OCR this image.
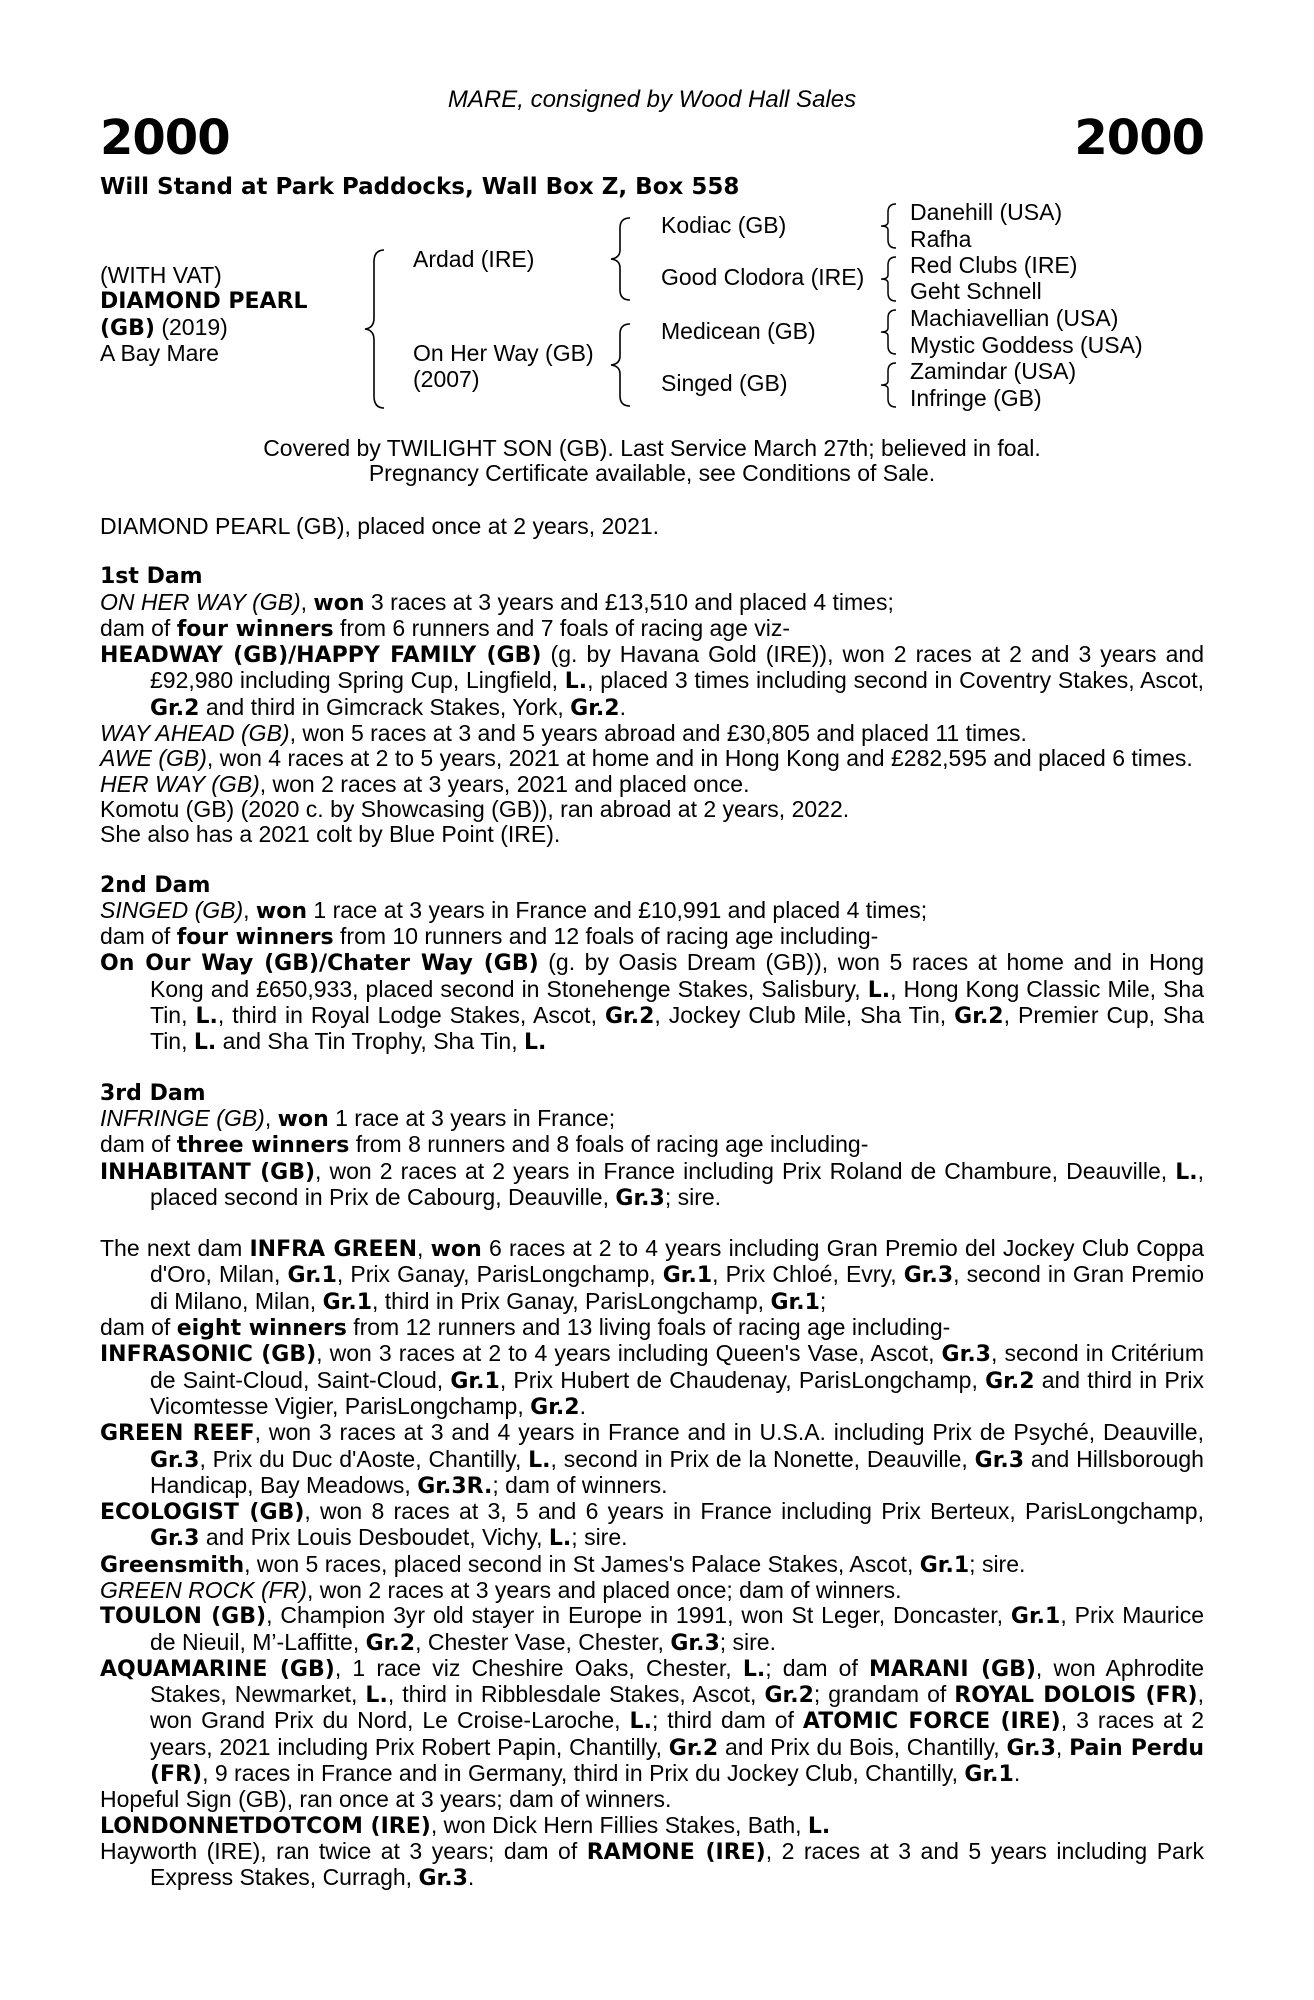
MARE, consigned by Wood Hall Sales
2000	2000
Will Stand at Park Paddocks, Wall Box Z, Box 558
(WITH VAT)
DIAMOND PEARL
(GB) (2019)
A Bay Mare
Ardad (IRE)
On Her Way (GB)
(2007)
Kodiac (GB)
Good Clodora (IRE)
Medicean (GB)
Singed (GB)
Danehill (USA)
Rafha
Red Clubs (IRE)
Geht Schnell
Machiavellian (USA)
Mystic Goddess (USA)
Zamindar (USA)
Infringe (GB)
Covered by TWILIGHT SON (GB). Last Service March 27th; believed in foal.
Pregnancy Certificate available, see Conditions of Sale.

DIAMOND PEARL (GB), placed once at 2 years, 2021.

1st Dam

ON HER WAY (GB), won 3 races at 3 years and £13,510 and placed 4 times;

dam of four winners from 6 runners and 7 foals of racing age viz-

HEADWAY (GB)/HAPPY FAMILY (GB) (g. by Havana Gold (IRE)), won 2 races at 2 and 3 years and £92,980 including Spring Cup, Lingfield, L., placed 3 times including second in Coventry Stakes, Ascot, Gr.2 and third in Gimcrack Stakes, York, Gr.2.

WAY AHEAD (GB), won 5 races at 3 and 5 years abroad and £30,805 and placed 11 times.

AWE (GB), won 4 races at 2 to 5 years, 2021 at home and in Hong Kong and £282,595 and placed 6 times.

HER WAY (GB), won 2 races at 3 years, 2021 and placed once.

Komotu (GB) (2020 c. by Showcasing (GB)), ran abroad at 2 years, 2022.

She also has a 2021 colt by Blue Point (IRE).

2nd Dam

SINGED (GB), won 1 race at 3 years in France and £10,991 and placed 4 times;

dam of four winners from 10 runners and 12 foals of racing age including-

On Our Way (GB)/Chater Way (GB) (g. by Oasis Dream (GB)), won 5 races at home and in Hong Kong and £650,933, placed second in Stonehenge Stakes, Salisbury, L., Hong Kong Classic Mile, Sha Tin, L., third in Royal Lodge Stakes, Ascot, Gr.2, Jockey Club Mile, Sha Tin, Gr.2, Premier Cup, Sha Tin, L. and Sha Tin Trophy, Sha Tin, L.

3rd Dam

INFRINGE (GB), won 1 race at 3 years in France;

dam of three winners from 8 runners and 8 foals of racing age including-

INHABITANT (GB), won 2 races at 2 years in France including Prix Roland de Chambure, Deauville, L., placed second in Prix de Cabourg, Deauville, Gr.3; sire.

The next dam INFRA GREEN, won 6 races at 2 to 4 years including Gran Premio del Jockey Club Coppa d'Oro, Milan, Gr.1, Prix Ganay, ParisLongchamp, Gr.1, Prix Chloé, Evry, Gr.3, second in Gran Premio di Milano, Milan, Gr.1, third in Prix Ganay, ParisLongchamp, Gr.1;

dam of eight winners from 12 runners and 13 living foals of racing age including-

INFRASONIC (GB), won 3 races at 2 to 4 years including Queen's Vase, Ascot, Gr.3, second in Critérium de Saint-Cloud, Saint-Cloud, Gr.1, Prix Hubert de Chaudenay, ParisLongchamp, Gr.2 and third in Prix Vicomtesse Vigier, ParisLongchamp, Gr.2.

GREEN REEF, won 3 races at 3 and 4 years in France and in U.S.A. including Prix de Psyché, Deauville, Gr.3, Prix du Duc d'Aoste, Chantilly, L., second in Prix de la Nonette, Deauville, Gr.3 and Hillsborough Handicap, Bay Meadows, Gr.3R.; dam of winners.

ECOLOGIST (GB), won 8 races at 3, 5 and 6 years in France including Prix Berteux, ParisLongchamp, Gr.3 and Prix Louis Desboudet, Vichy, L.; sire.

Greensmith, won 5 races, placed second in St James's Palace Stakes, Ascot, Gr.1; sire.

GREEN ROCK (FR), won 2 races at 3 years and placed once; dam of winners.

TOULON (GB), Champion 3yr old stayer in Europe in 1991, won St Leger, Doncaster, Gr.1, Prix Maurice de Nieuil, M’-Laffitte, Gr.2, Chester Vase, Chester, Gr.3; sire.

AQUAMARINE (GB), 1 race viz Cheshire Oaks, Chester, L.; dam of MARANI (GB), won Aphrodite Stakes, Newmarket, L., third in Ribblesdale Stakes, Ascot, Gr.2; grandam of ROYAL DOLOIS (FR), won Grand Prix du Nord, Le Croise-Laroche, L.; third dam of ATOMIC FORCE (IRE), 3 races at 2 years, 2021 including Prix Robert Papin, Chantilly, Gr.2 and Prix du Bois, Chantilly, Gr.3, Pain Perdu (FR), 9 races in France and in Germany, third in Prix du Jockey Club, Chantilly, Gr.1.

Hopeful Sign (GB), ran once at 3 years; dam of winners.

LONDONNETDOTCOM (IRE), won Dick Hern Fillies Stakes, Bath, L.

Hayworth (IRE), ran twice at 3 years; dam of RAMONE (IRE), 2 races at 3 and 5 years including Park Express Stakes, Curragh, Gr.3.
